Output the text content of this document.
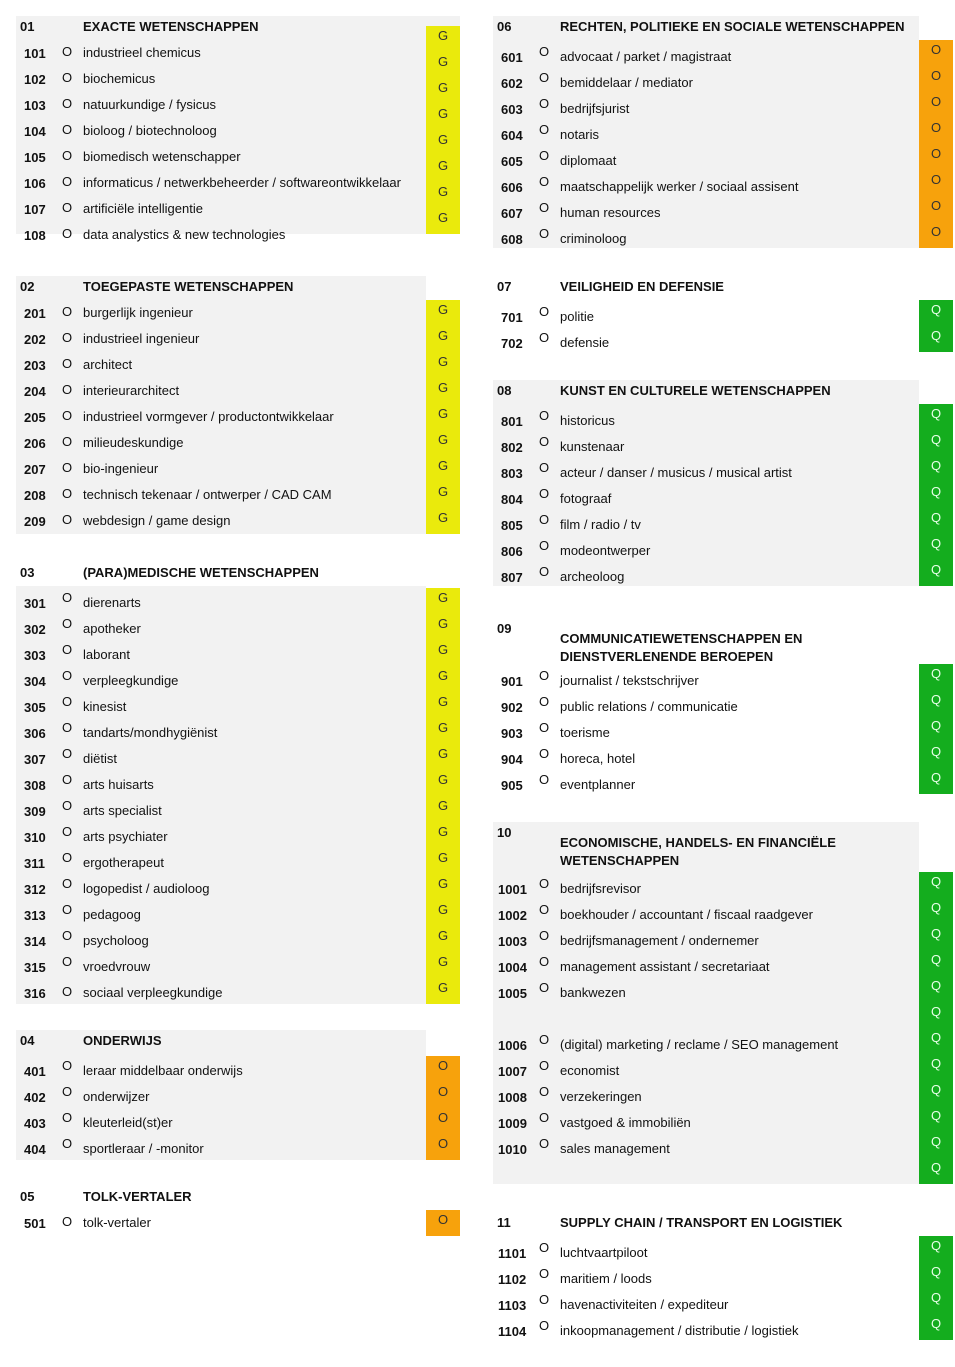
01	EXACTE WETENSCHAPPEN
101 O industrieel chemicus
G
102 O biochemicus
G
103 O natuurkundige / fysicus
G
104 O bioloog / biotechnoloog
G
105 O biomedisch wetenschapper
G
106 O informaticus / netwerkbeheerder / softwareontwikkelaar
G
107 O artificiële intelligentie
G
108 O data analystics & new technologies
G
02	TOEGEPASTE WETENSCHAPPEN
201 O burgerlijk ingenieur	G
202 O industrieel ingenieur	G
203 O architect	G
204 O interieurarchitect	G
205 O industrieel vormgever / productontwikkelaar	G
206 O milieudeskundige	G
207 O bio-ingenieur	G
208 O technisch tekenaar / ontwerper / CAD CAM	G
209 O webdesign / game design	G
03	(PARA)MEDISCHE WETENSCHAPPEN
301 O dierenarts	G
302 O apotheker	G
303 O laborant	G
304 O verpleegkundige	G
305 O kinesist	G
306 O tandarts/mondhygiënist	G
307 O diëtist	G
308 O arts huisarts	G
309 O arts specialist	G
310 O arts psychiater	G
311 O ergotherapeut	G
312 O logopedist / audioloog	G
313 O pedagoog	G
314 O psycholoog	G
315 O vroedvrouw	G
316 O sociaal verpleegkundige	G
04	ONDERWIJS
401 O leraar middelbaar onderwijs	O
402 O onderwijzer	O
403 O kleuterleid(st)er	O
404 O sportleraar / -monitor	O
05	TOLK-VERTALER
501 O tolk-vertaler	O
06	RECHTEN, POLITIEKE EN SOCIALE WETENSCHAPPEN
601 O advocaat / parket / magistraat	O
602 O bemiddelaar / mediator	O
603 O bedrijfsjurist	O
604 O notaris	O
605 O diplomaat	O
606 O maatschappelijk werker / sociaal assisent	O
607 O human resources	O
608 O criminoloog	O
07	VEILIGHEID EN DEFENSIE
701 O politie	Q
702 O defensie	Q
08	KUNST EN CULTURELE WETENSCHAPPEN
801 O historicus	Q
802 O kunstenaar	Q
803 O acteur / danser / musicus / musical artist	Q
804 O fotograaf	Q
805 O film / radio / tv	Q
806 O modeontwerper	Q
807 O archeoloog	Q
09
COMMUNICATIEWETENSCHAPPEN EN DIENSTVERLENENDE BEROEPEN
901 O journalist / tekstschrijver	Q
902 O public relations / communicatie	Q
903 O toerisme	Q
904 O horeca, hotel	Q
905 O eventplanner	Q
10
ECONOMISCHE, HANDELS- EN FINANCIËLE WETENSCHAPPEN
1001 O bedrijfsrevisor	Q
1002 O boekhouder / accountant / fiscaal raadgever	Q
1003 O bedrijfsmanagement / ondernemer	Q
1004 O management assistant / secretariaat	Q
1005 O bankwezen	Q
Q
1006 O (digital) marketing / reclame / SEO management	Q
1007 O economist	Q
1008 O verzekeringen	Q
1009 O vastgoed & immobiliën	Q
1010 O sales management	Q
Q
11	SUPPLY CHAIN / TRANSPORT EN LOGISTIEK
1101 O luchtvaartpiloot	Q
1102 O maritiem / loods	Q
1103 O havenactiviteiten / expediteur	Q
1104 O inkoopmanagement / distributie / logistiek	Q
